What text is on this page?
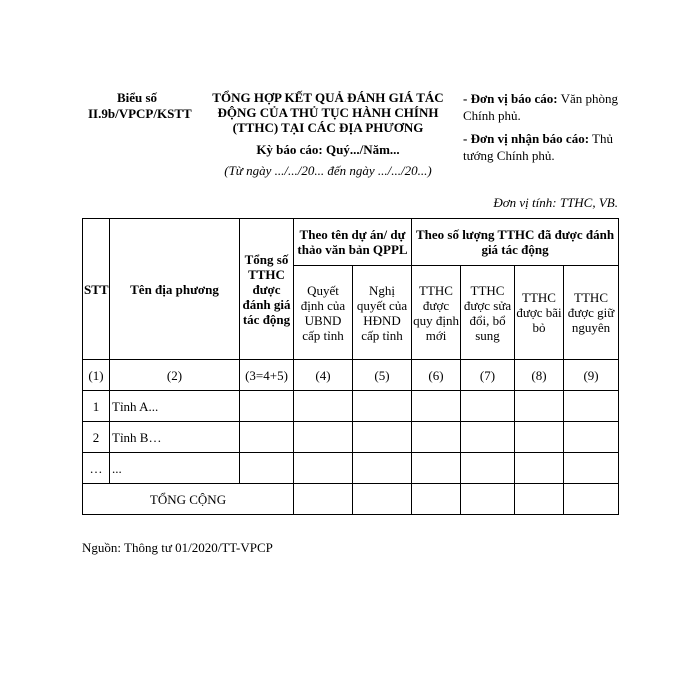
Biểu số II.9b/VPCP/KSTT
TỔNG HỢP KẾT QUẢ ĐÁNH GIÁ TÁC ĐỘNG CỦA THỦ TỤC HÀNH CHÍNH (TTHC) TẠI CÁC ĐỊA PHƯƠNG
Kỳ báo cáo: Quý.../Năm...
(Từ ngày .../.../20... đến ngày .../.../20...)
- Đơn vị báo cáo: Văn phòng Chính phủ.
- Đơn vị nhận báo cáo: Thủ tướng Chính phủ.
Đơn vị tính: TTHC, VB.
STT	Tên địa phương	Tổng số TTHC được đánh giá tác động	Theo tên dự án/ dự thảo văn bản QPPL		Theo số lượng TTHC đã được đánh giá tác động			
			Quyết định của UBND cấp tỉnh	Nghị quyết của HĐND cấp tỉnh	TTHC được quy định mới	TTHC được sửa đổi, bổ sung	TTHC được bãi bỏ	TTHC được giữ nguyên
(1)	(2)	(3=4+5)	(4)	(5)	(6)	(7)	(8)	(9)
1	Tỉnh A...							
2	Tỉnh B…							
…	...							
TỔNG CỘNG								
Nguồn: Thông tư 01/2020/TT-VPCP
